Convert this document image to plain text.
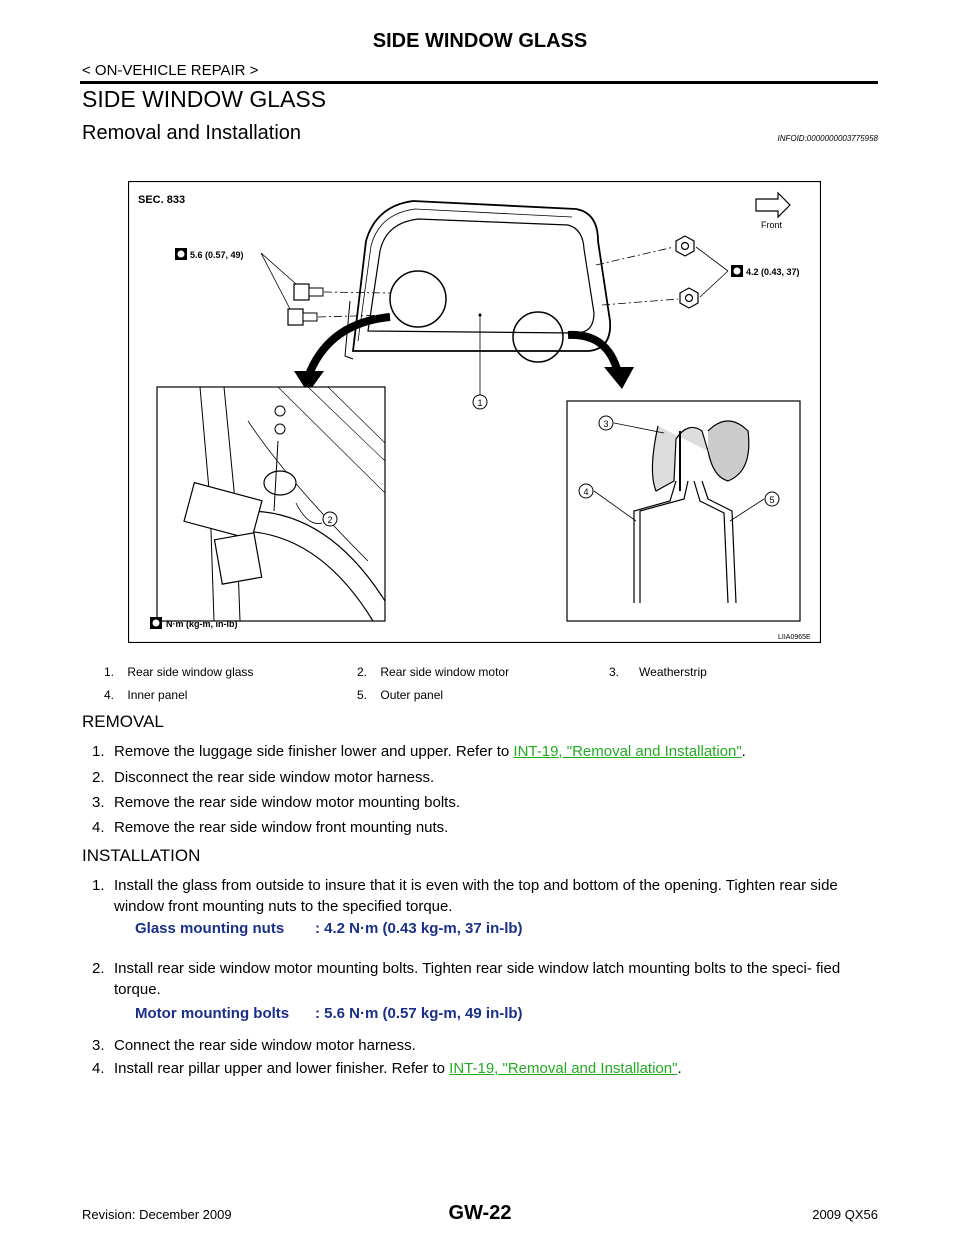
SIDE WINDOW GLASS
< ON-VEHICLE REPAIR >
SIDE WINDOW GLASS
Removal and Installation	INFOID:0000000003775958
SEC. 833
Front
5.6 (0.57, 49)
4.2 (0.43, 37)
1
2
3
4
5
N·m (kg-m, in-lb)
LIIA0965E
1. Rear side window glass	2. Rear side window motor	3. Weatherstrip
4. Inner panel	5. Outer panel
REMOVAL
1. Remove the luggage side finisher lower and upper. Refer to INT-19, "Removal and Installation".
2. Disconnect the rear side window motor harness.
3. Remove the rear side window motor mounting bolts.
4. Remove the rear side window front mounting nuts.
INSTALLATION
1. Install the glass from outside to insure that it is even with the top and bottom of the opening. Tighten rear side window front mounting nuts to the specified torque.
Glass mounting nuts : 4.2 N·m (0.43 kg-m, 37 in-lb)
2. Install rear side window motor mounting bolts. Tighten rear side window latch mounting bolts to the speci- fied torque.
Motor mounting bolts : 5.6 N·m (0.57 kg-m, 49 in-lb)
3. Connect the rear side window motor harness.
4. Install rear pillar upper and lower finisher. Refer to INT-19, "Removal and Installation".
Revision: December 2009	GW-22	2009 QX56
